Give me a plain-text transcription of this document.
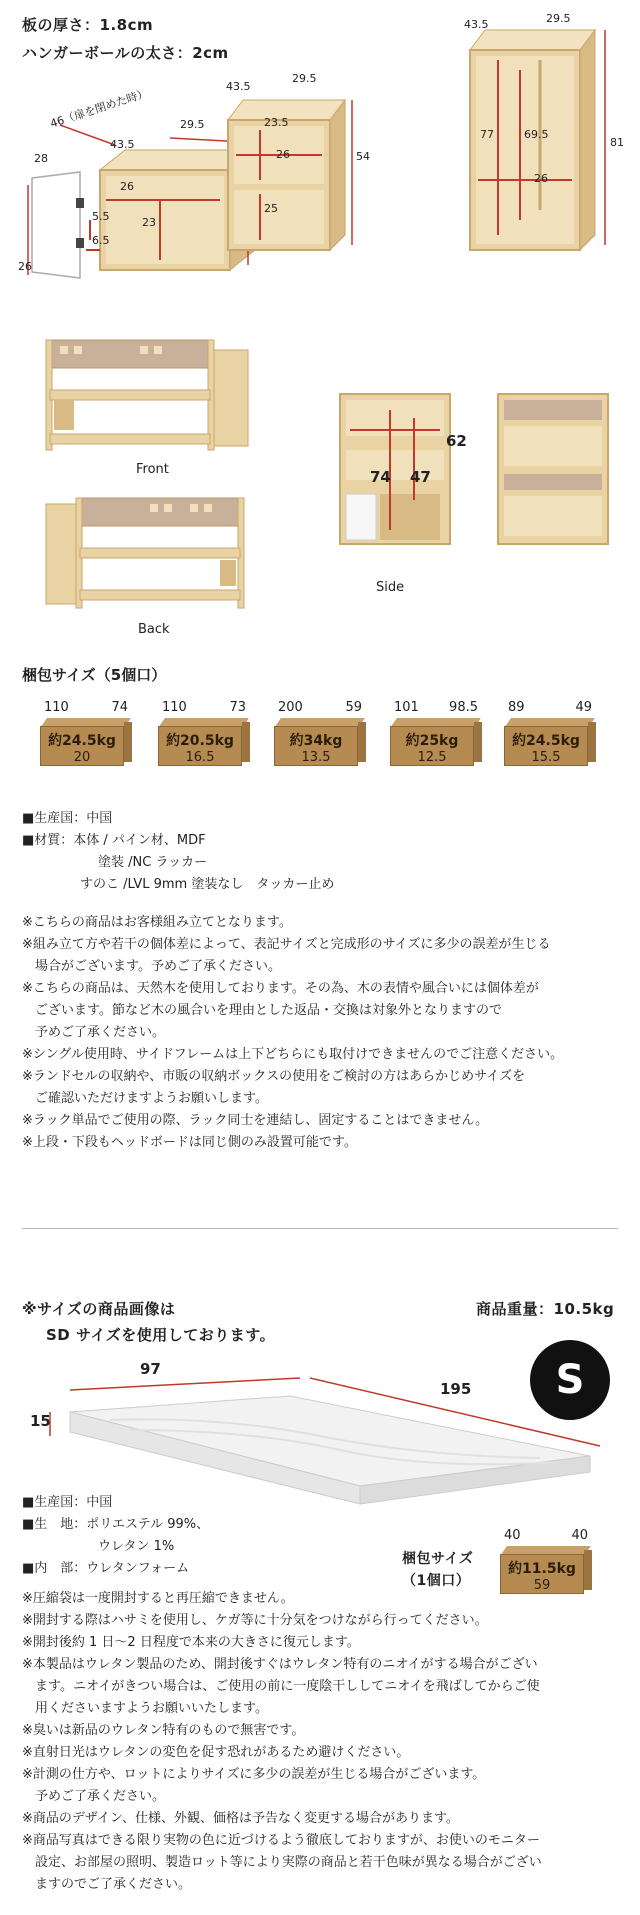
板の厚さ：1.8cm
ハンガーボールの太さ：2cm
46（扉を閉めた時）	29.5
43.5
28
26
23
5.5
6.5
26
43.5
29.5
23.5
26
25
54
43.5	29.5
77	69.5
26
81
Front
Back
62
74 47
Side
梱包サイズ（5個口）
110	74
約24.5kg
20
110	73
約20.5kg
16.5
200	59
約34kg
13.5
101 98.5
約25kg
12.5
89	49
約24.5kg
15.5
■生産国：中国
■材質：本体 / パイン材、MDF
塗装 /NC ラッカー
すのこ /LVL 9mm 塗装なし　タッカー止め
※こちらの商品はお客様組み立てとなります。
※組み立て方や若干の個体差によって、表記サイズと完成形のサイズに多少の誤差が生じる
　場合がございます。予めご了承ください。
※こちらの商品は、天然木を使用しております。その為、木の表情や風合いには個体差が
　ございます。節など木の風合いを理由とした返品・交換は対象外となりますので
　予めご了承ください。
※シングル使用時、サイドフレームは上下どちらにも取付けできませんのでご注意ください。
※ランドセルの収納や、市販の収納ボックスの使用をご検討の方はあらかじめサイズを
　ご確認いただけますようお願いします。
※ラック単品でご使用の際、ラック同士を連結し、固定することはできません。
※上段・下段もヘッドボードは同じ側のみ設置可能です。
※サイズの商品画像は
SD サイズを使用しております。
商品重量：10.5kg
S
97
195
15
■生産国：中国
■生　地：ポリエステル 99%、
ウレタン 1%
■内　部：ウレタンフォーム
梱包サイズ
（1個口）
40	40
約11.5kg
59
※圧縮袋は一度開封すると再圧縮できません。
※開封する際はハサミを使用し、ケガ等に十分気をつけながら行ってください。
※開封後約 1 日〜2 日程度で本来の大きさに復元します。
※本製品はウレタン製品のため、開封後すぐはウレタン特有のニオイがする場合がござい
　ます。ニオイがきつい場合は、ご使用の前に一度陰干ししてニオイを飛ばしてからご使
　用くださいますようお願いいたします。
※臭いは新品のウレタン特有のもので無害です。
※直射日光はウレタンの変色を促す恐れがあるため避けください。
※計測の仕方や、ロットによりサイズに多少の誤差が生じる場合がございます。
　予めご了承ください。
※商品のデザイン、仕様、外観、価格は予告なく変更する場合があります。
※商品写真はできる限り実物の色に近づけるよう徹底しておりますが、お使いのモニター
　設定、お部屋の照明、製造ロット等により実際の商品と若干色味が異なる場合がござい
　ますのでご了承ください。
